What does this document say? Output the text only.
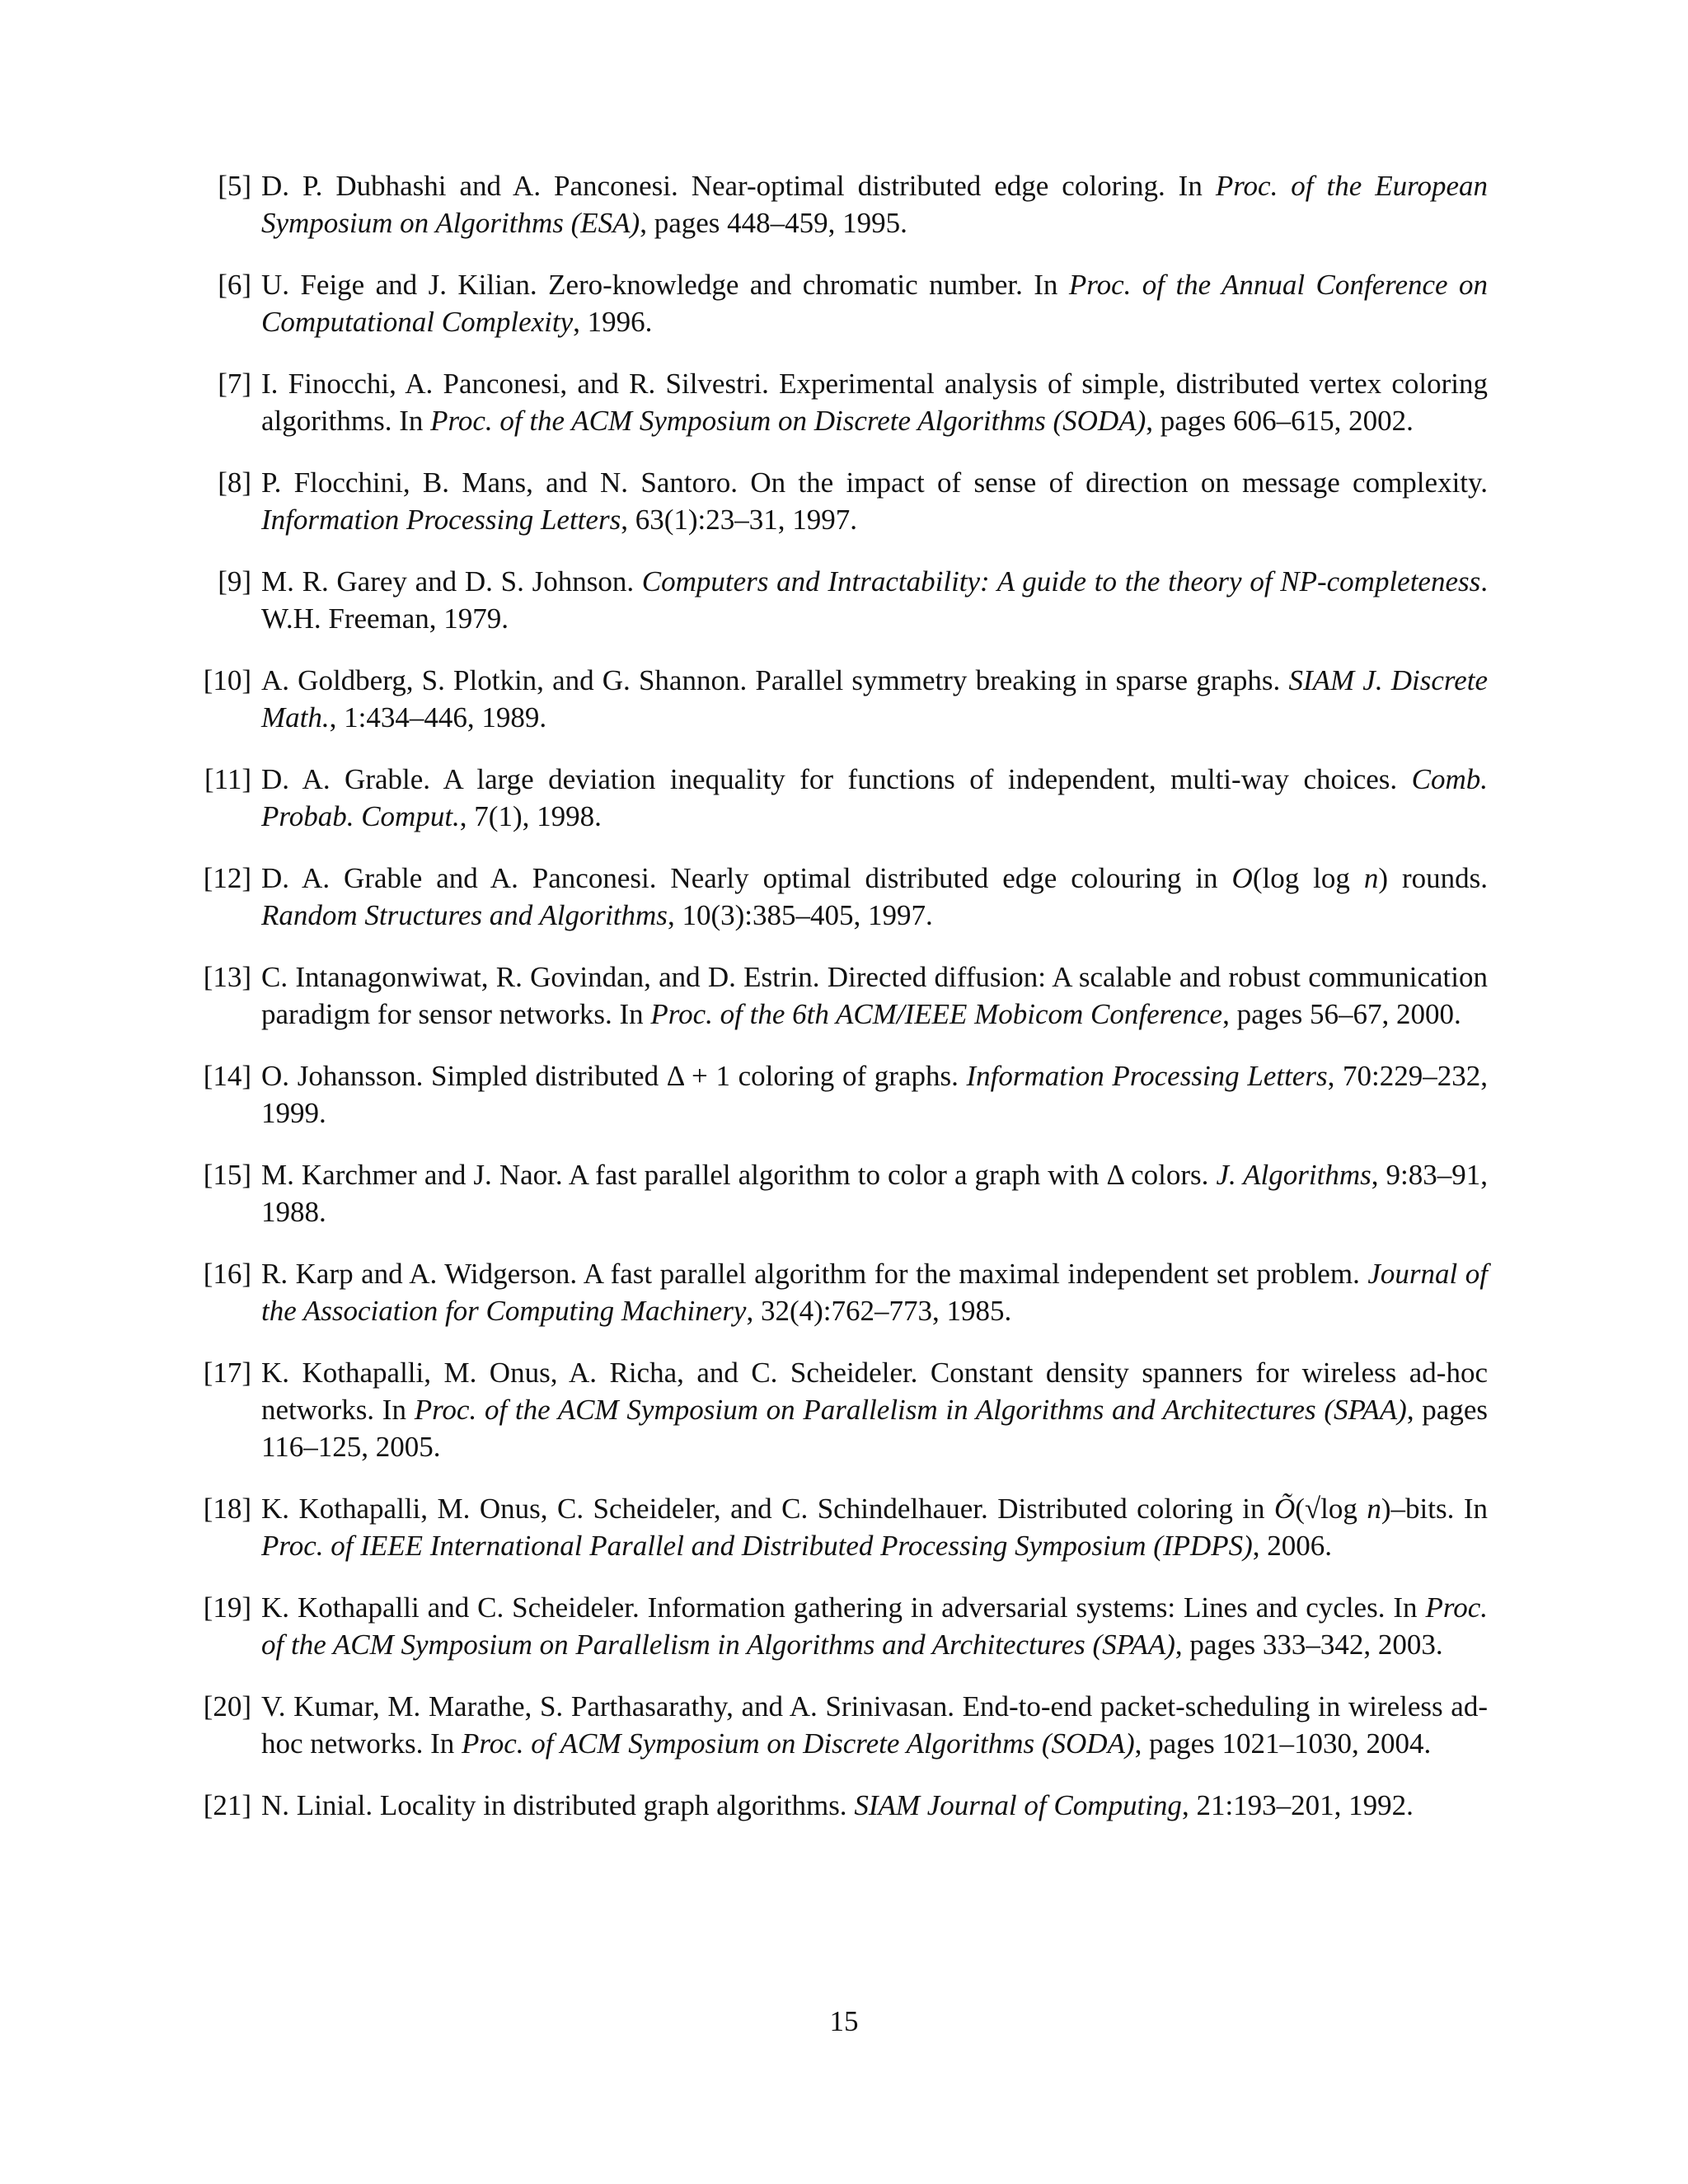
[5] D. P. Dubhashi and A. Panconesi. Near-optimal distributed edge coloring. In Proc. of the European Symposium on Algorithms (ESA), pages 448–459, 1995.
[6] U. Feige and J. Kilian. Zero-knowledge and chromatic number. In Proc. of the Annual Conference on Computational Complexity, 1996.
[7] I. Finocchi, A. Panconesi, and R. Silvestri. Experimental analysis of simple, distributed vertex coloring algorithms. In Proc. of the ACM Symposium on Discrete Algorithms (SODA), pages 606–615, 2002.
[8] P. Flocchini, B. Mans, and N. Santoro. On the impact of sense of direction on message complexity. Information Processing Letters, 63(1):23–31, 1997.
[9] M. R. Garey and D. S. Johnson. Computers and Intractability: A guide to the theory of NP-completeness. W.H. Freeman, 1979.
[10] A. Goldberg, S. Plotkin, and G. Shannon. Parallel symmetry breaking in sparse graphs. SIAM J. Discrete Math., 1:434–446, 1989.
[11] D. A. Grable. A large deviation inequality for functions of independent, multi-way choices. Comb. Probab. Comput., 7(1), 1998.
[12] D. A. Grable and A. Panconesi. Nearly optimal distributed edge colouring in O(log log n) rounds. Random Structures and Algorithms, 10(3):385–405, 1997.
[13] C. Intanagonwiwat, R. Govindan, and D. Estrin. Directed diffusion: A scalable and robust communication paradigm for sensor networks. In Proc. of the 6th ACM/IEEE Mobicom Conference, pages 56–67, 2000.
[14] O. Johansson. Simpled distributed Δ + 1 coloring of graphs. Information Processing Letters, 70:229–232, 1999.
[15] M. Karchmer and J. Naor. A fast parallel algorithm to color a graph with Δ colors. J. Algorithms, 9:83–91, 1988.
[16] R. Karp and A. Widgerson. A fast parallel algorithm for the maximal independent set problem. Journal of the Association for Computing Machinery, 32(4):762–773, 1985.
[17] K. Kothapalli, M. Onus, A. Richa, and C. Scheideler. Constant density spanners for wireless ad-hoc networks. In Proc. of the ACM Symposium on Parallelism in Algorithms and Architectures (SPAA), pages 116–125, 2005.
[18] K. Kothapalli, M. Onus, C. Scheideler, and C. Schindelhauer. Distributed coloring in Õ(√log n)–bits. In Proc. of IEEE International Parallel and Distributed Processing Symposium (IPDPS), 2006.
[19] K. Kothapalli and C. Scheideler. Information gathering in adversarial systems: Lines and cycles. In Proc. of the ACM Symposium on Parallelism in Algorithms and Architectures (SPAA), pages 333–342, 2003.
[20] V. Kumar, M. Marathe, S. Parthasarathy, and A. Srinivasan. End-to-end packet-scheduling in wireless ad-hoc networks. In Proc. of ACM Symposium on Discrete Algorithms (SODA), pages 1021–1030, 2004.
[21] N. Linial. Locality in distributed graph algorithms. SIAM Journal of Computing, 21:193–201, 1992.
15
